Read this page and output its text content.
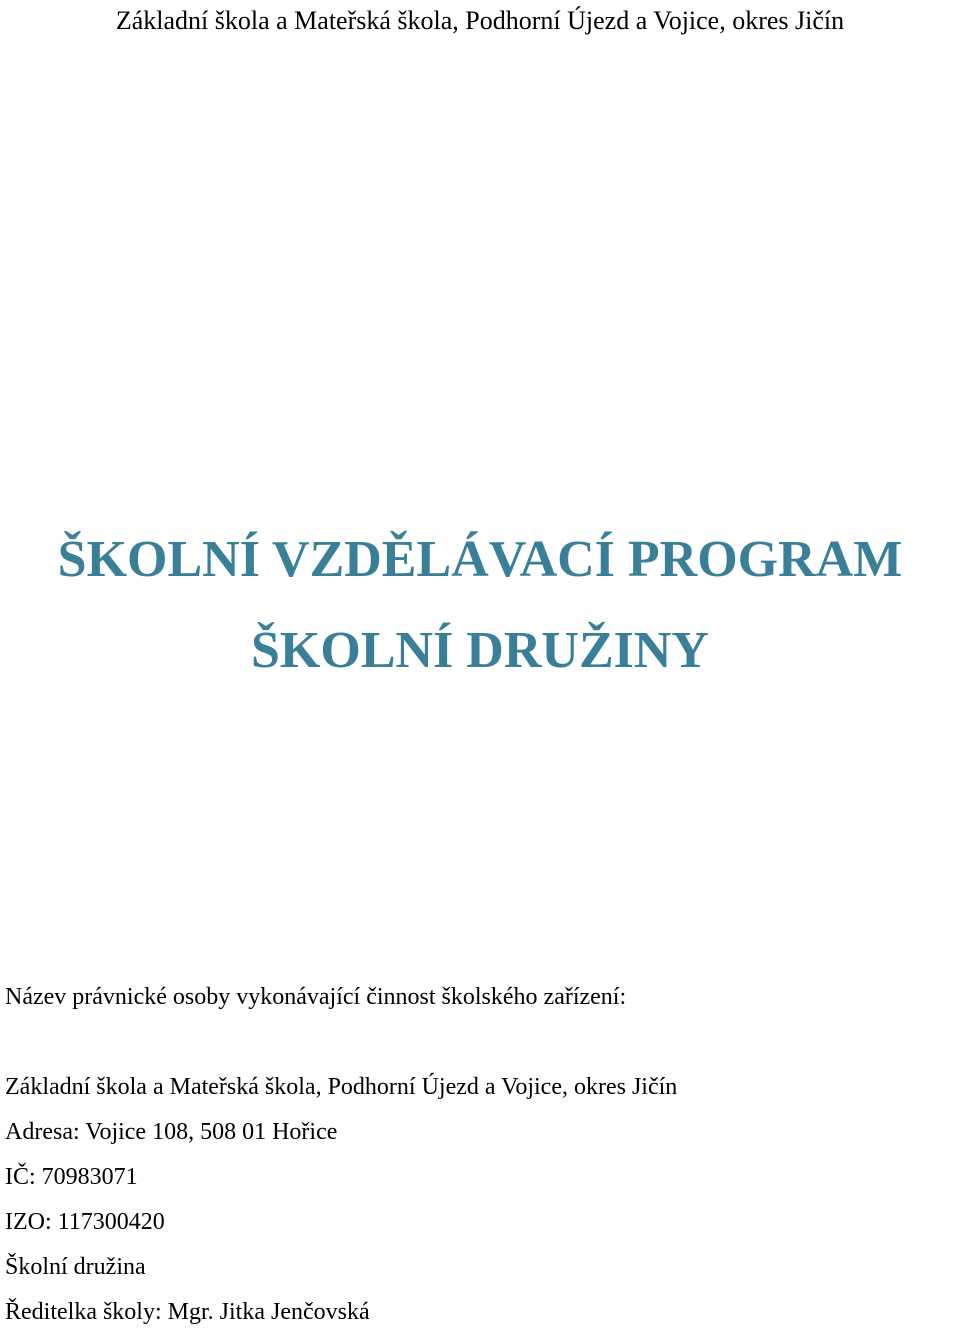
Základní škola a Mateřská škola, Podhorní Újezd a Vojice, okres Jičín
ŠKOLNÍ VZDĚLÁVACÍ PROGRAM
ŠKOLNÍ DRUŽINY
Název právnické osoby vykonávající činnost školského zařízení:
Základní škola a Mateřská škola, Podhorní Újezd a Vojice, okres Jičín
Adresa: Vojice 108, 508 01 Hořice
IČ: 70983071
IZO: 117300420
Školní družina
Ředitelka školy: Mgr. Jitka Jenčovská
